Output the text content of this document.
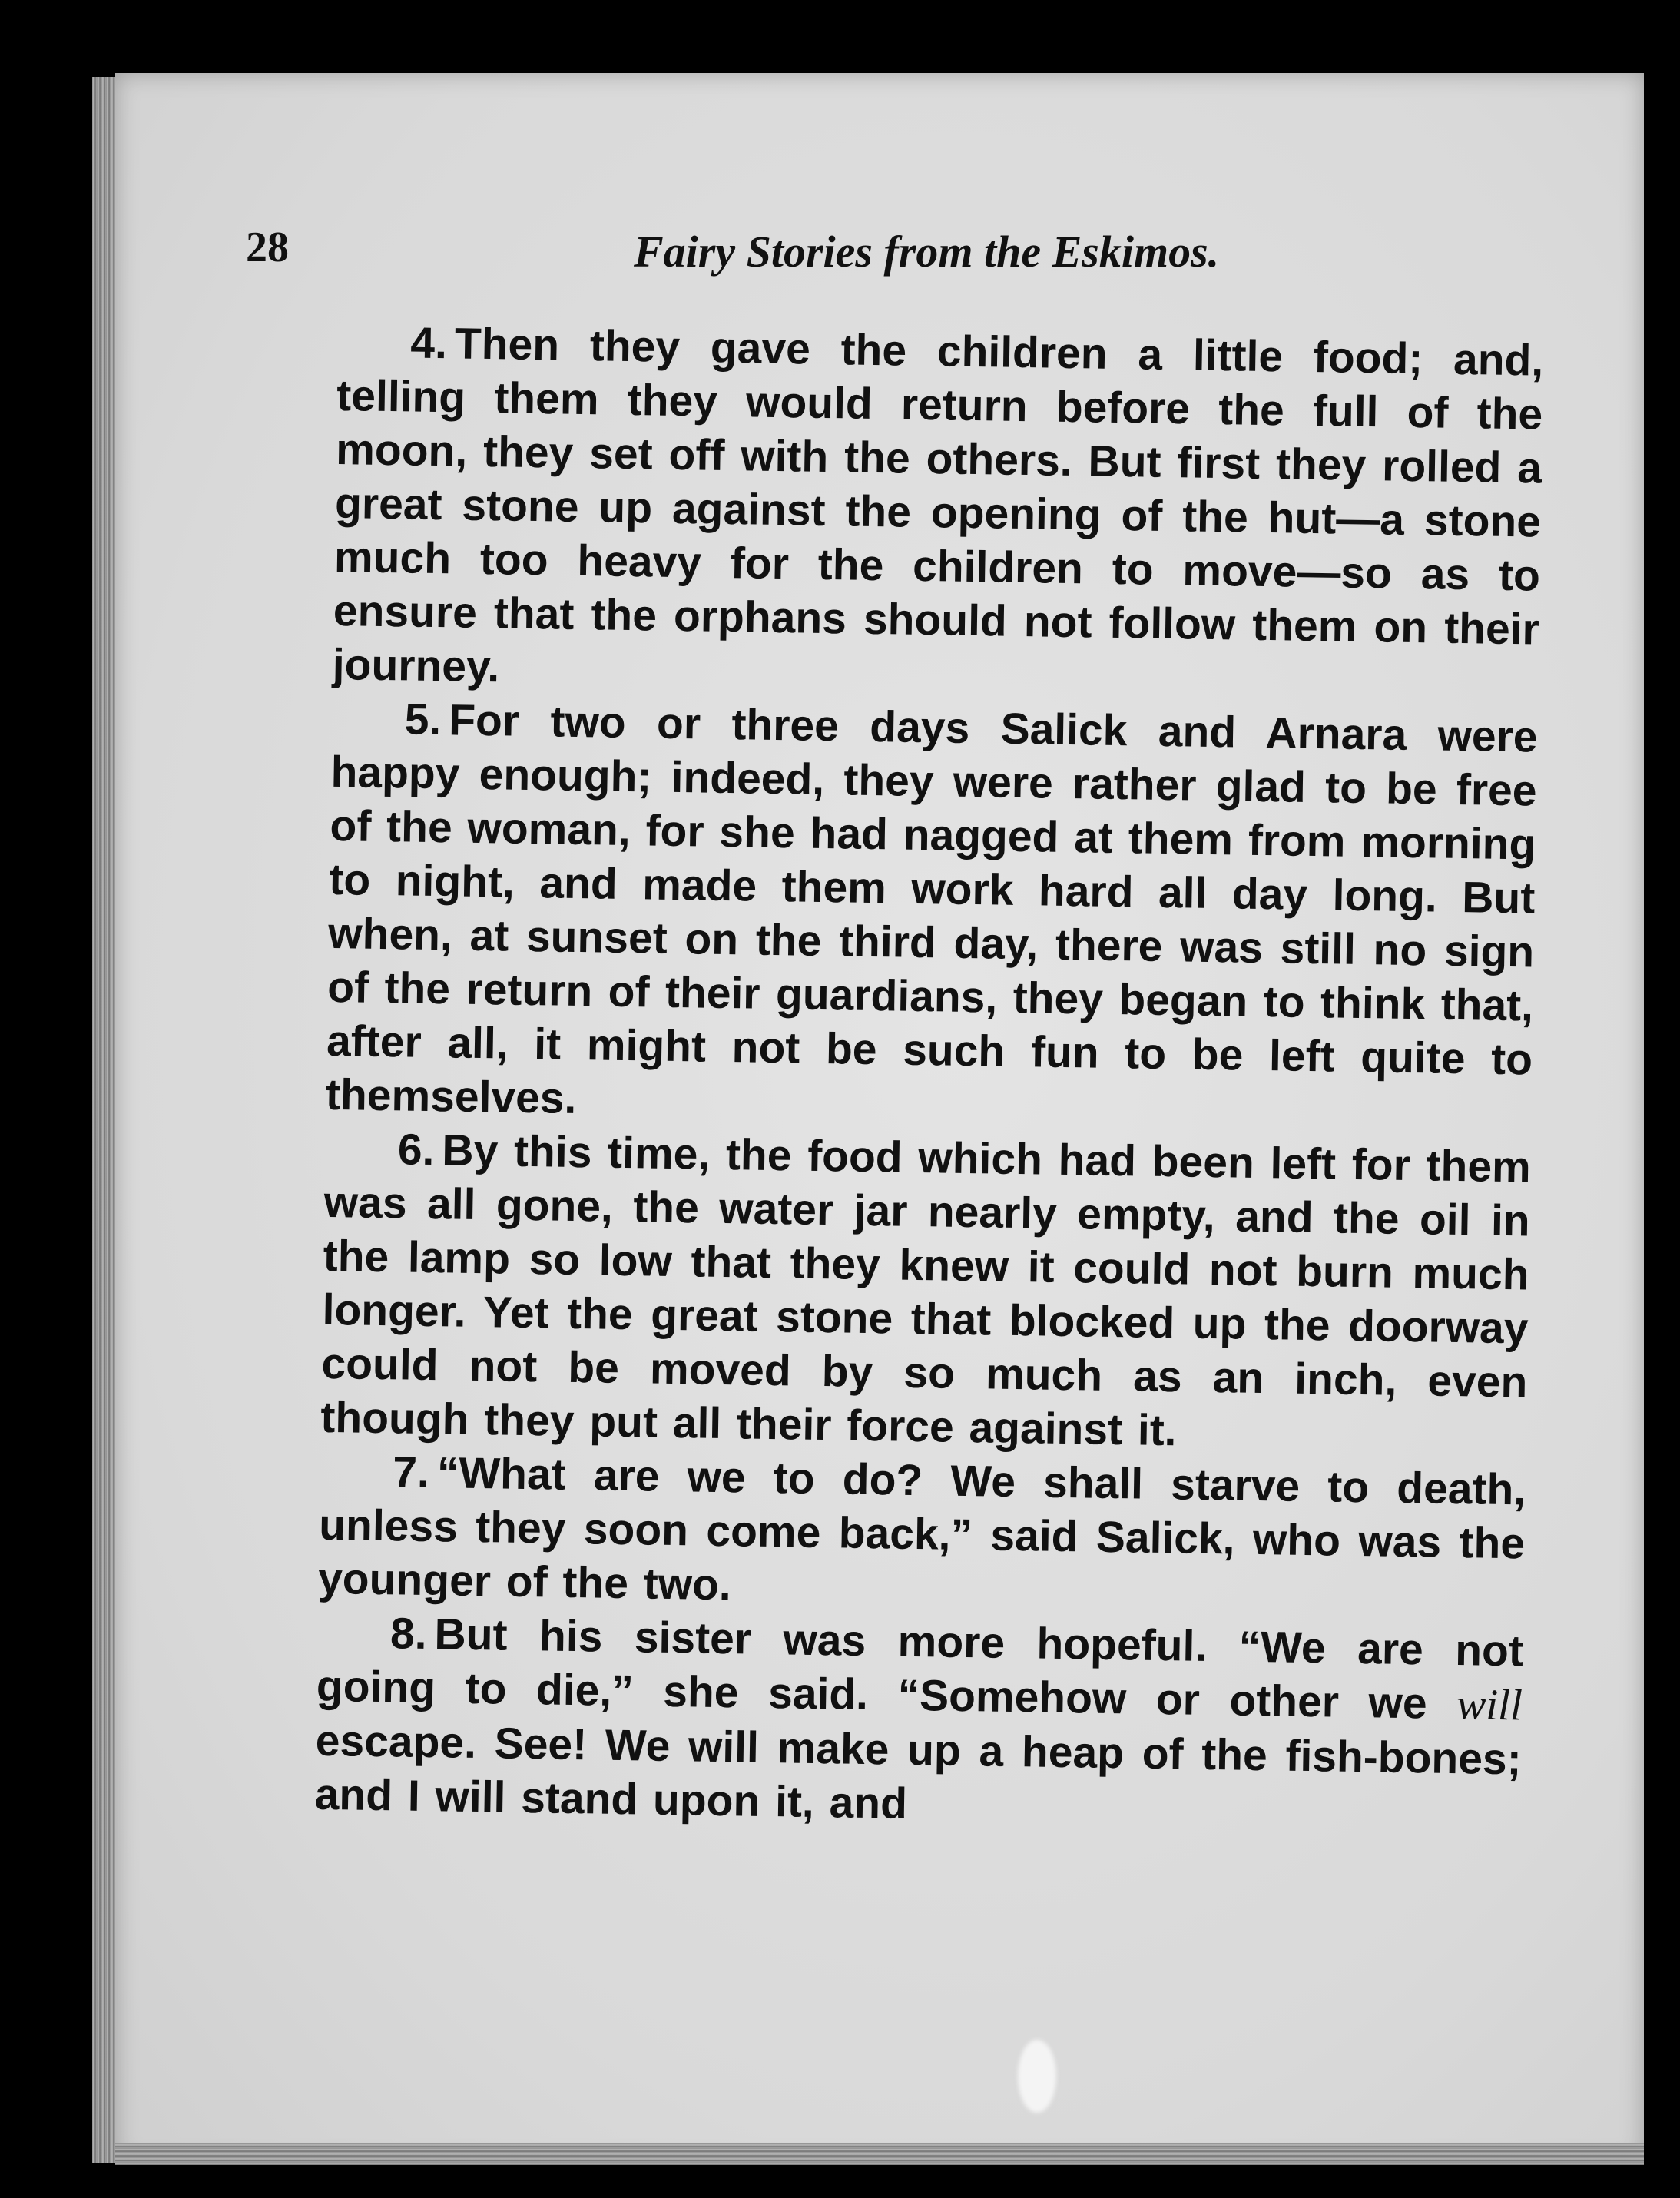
28	Fairy Stories from the Eskimos.

4. Then they gave the children a little food; and, telling them they would return before the full of the moon, they set off with the others. But first they rolled a great stone up against the opening of the hut—a stone much too heavy for the children to move—so as to ensure that the orphans should not follow them on their journey.

5. For two or three days Salick and Arnara were happy enough; indeed, they were rather glad to be free of the woman, for she had nagged at them from morning to night, and made them work hard all day long. But when, at sunset on the third day, there was still no sign of the return of their guardians, they began to think that, after all, it might not be such fun to be left quite to themselves.

6. By this time, the food which had been left for them was all gone, the water jar nearly empty, and the oil in the lamp so low that they knew it could not burn much longer. Yet the great stone that blocked up the doorway could not be moved by so much as an inch, even though they put all their force against it.

7. “What are we to do? We shall starve to death, unless they soon come back,” said Salick, who was the younger of the two.

8. But his sister was more hopeful. “We are not going to die,” she said. “Somehow or other we will escape. See! We will make up a heap of the fish-bones; and I will stand upon it, and
